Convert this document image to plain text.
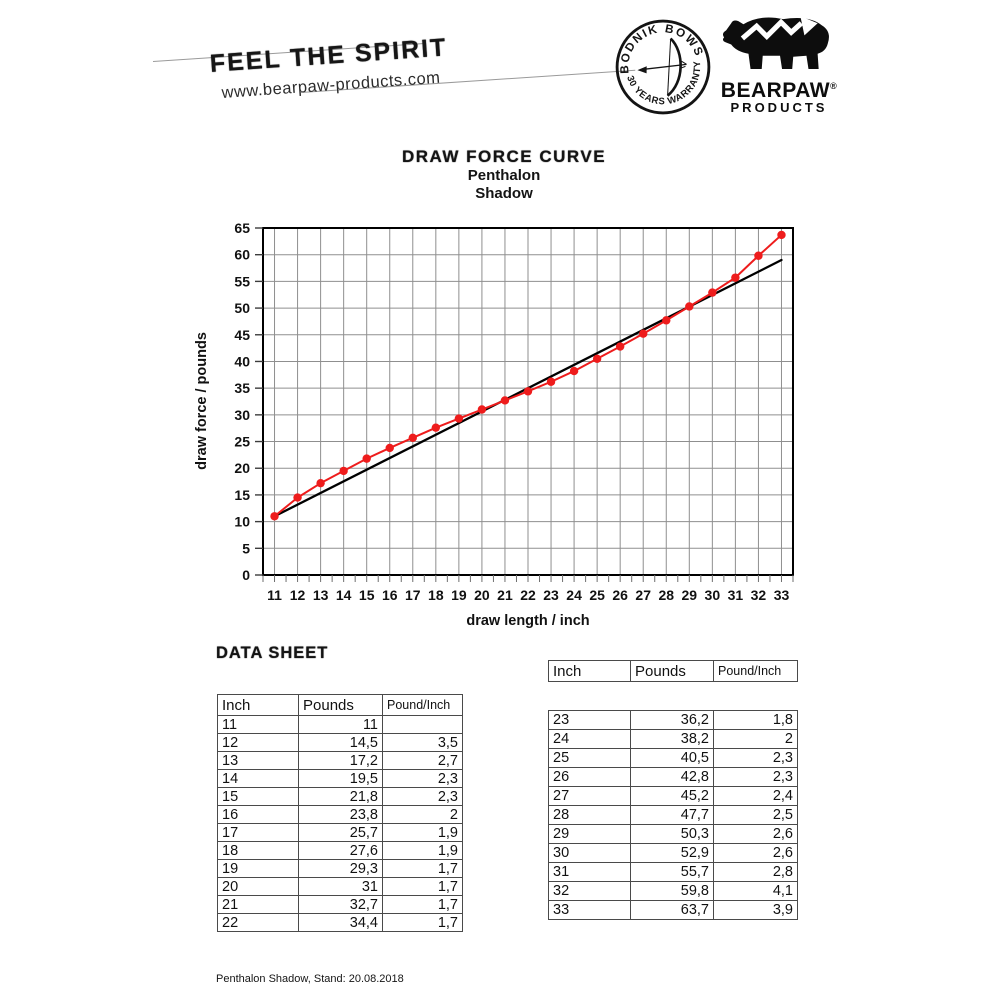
FEEL THE SPIRIT
www.bearpaw-products.com
BODNIK BOWS
30 YEARS WARRANTY
BEARPAW®
PRODUCTS
DRAW FORCE CURVE
Penthalon
Shadow
11 12 13 14 15 16 17 18 19 20 21 22 23 24 25 26 27 28 29 30 31 32 33
0
5
10
15
20
25
30
35
40
45
50
55
60
65
draw length / inch
draw force / pounds
DATA SHEET
Inch	Pounds	Pound/Inch
11	11	
12	14,5	3,5
13	17,2	2,7
14	19,5	2,3
15	21,8	2,3
16	23,8	2
17	25,7	1,9
18	27,6	1,9
19	29,3	1,7
20	31	1,7
21	32,7	1,7
22	34,4	1,7
Inch	Pounds	Pound/Inch
23	36,2	1,8
24	38,2	2
25	40,5	2,3
26	42,8	2,3
27	45,2	2,4
28	47,7	2,5
29	50,3	2,6
30	52,9	2,6
31	55,7	2,8
32	59,8	4,1
33	63,7	3,9
Penthalon Shadow, Stand: 20.08.2018
